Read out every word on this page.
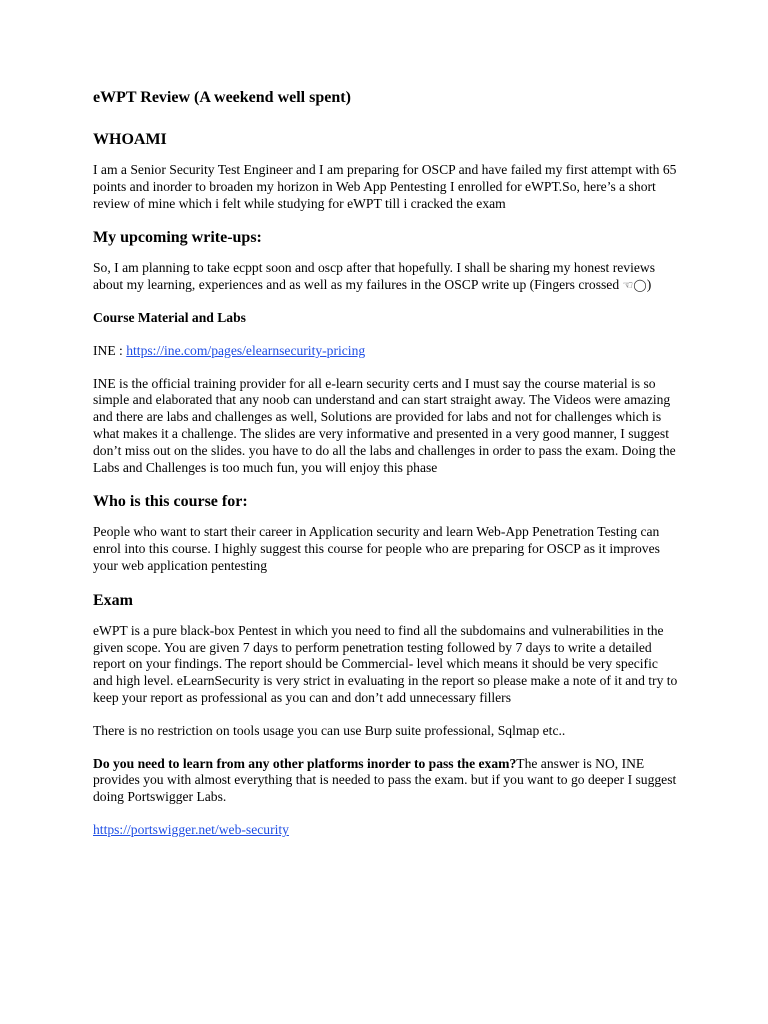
eWPT Review (A weekend well spent)
WHOAMI

I am a Senior Security Test Engineer and I am preparing for OSCP and have failed my first attempt with 65 points and inorder to broaden my horizon in Web App Pentesting I enrolled for eWPT.So, here’s a short review of mine which i felt while studying for eWPT till i cracked the exam

My upcoming write-ups:

So, I am planning to take ecppt soon and oscp after that hopefully. I shall be sharing my honest reviews about my learning, experiences and as well as my failures in the OSCP write up (Fingers crossed ☜◯)

Course Material and Labs

INE : https://ine.com/pages/elearnsecurity-pricing

INE is the official training provider for all e-learn security certs and I must say the course material is so simple and elaborated that any noob can understand and can start straight away. The Videos were amazing and there are labs and challenges as well, Solutions are provided for labs and not for challenges which is what makes it a challenge. The slides are very informative and presented in a very good manner, I suggest don’t miss out on the slides. you have to do all the labs and challenges in order to pass the exam. Doing the Labs and Challenges is too much fun, you will enjoy this phase

Who is this course for:

People who want to start their career in Application security and learn Web-App Penetration Testing can enrol into this course. I highly suggest this course for people who are preparing for OSCP as it improves your web application pentesting

Exam

eWPT is a pure black-box Pentest in which you need to find all the subdomains and vulnerabilities in the given scope. You are given 7 days to perform penetration testing followed by 7 days to write a detailed report on your findings. The report should be Commercial- level which means it should be very specific and high level. eLearnSecurity is very strict in evaluating in the report so please make a note of it and try to keep your report as professional as you can and don’t add unnecessary fillers

There is no restriction on tools usage you can use Burp suite professional, Sqlmap etc..

Do you need to learn from any other platforms inorder to pass the exam?The answer is NO, INE provides you with almost everything that is needed to pass the exam. but if you want to go deeper I suggest doing Portswigger Labs.

https://portswigger.net/web-security
